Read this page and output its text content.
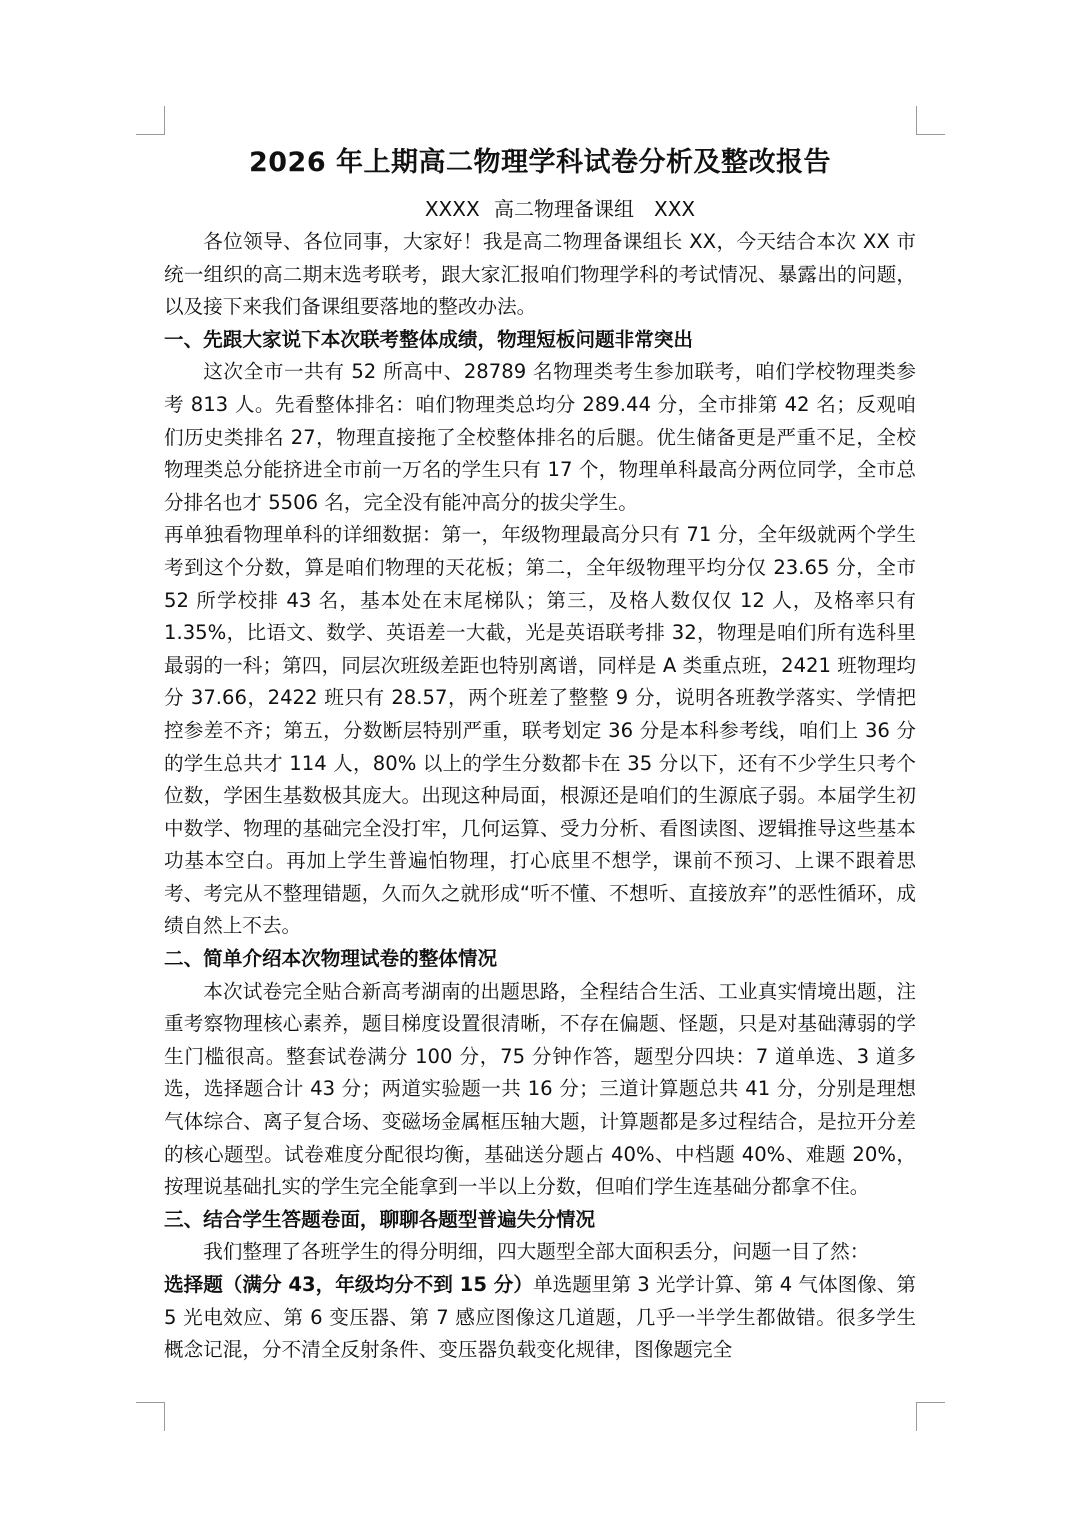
2026 年上期高二物理学科试卷分析及整改报告
XXXX 高二物理备课组　XXX

各位领导、各位同事，大家好！我是高二物理备课组长 XX，今天结合本次 XX 市统一组织的高二期末选考联考，跟大家汇报咱们物理学科的考试情况、暴露出的问题，以及接下来我们备课组要落地的整改办法。

一、先跟大家说下本次联考整体成绩，物理短板问题非常突出

这次全市一共有 52 所高中、28789 名物理类考生参加联考，咱们学校物理类参考 813 人。先看整体排名：咱们物理类总均分 289.44 分，全市排第 42 名；反观咱们历史类排名 27，物理直接拖了全校整体排名的后腿。优生储备更是严重不足，全校物理类总分能挤进全市前一万名的学生只有 17 个，物理单科最高分两位同学，全市总分排名也才 5506 名，完全没有能冲高分的拔尖学生。

再单独看物理单科的详细数据：第一，年级物理最高分只有 71 分，全年级就两个学生考到这个分数，算是咱们物理的天花板；第二，全年级物理平均分仅 23.65 分，全市 52 所学校排 43 名，基本处在末尾梯队；第三，及格人数仅仅 12 人，及格率只有 1.35%，比语文、数学、英语差一大截，光是英语联考排 32，物理是咱们所有选科里最弱的一科；第四，同层次班级差距也特别离谱，同样是 A 类重点班，2421 班物理均分 37.66，2422 班只有 28.57，两个班差了整整 9 分，说明各班教学落实、学情把控参差不齐；第五，分数断层特别严重，联考划定 36 分是本科参考线，咱们上 36 分的学生总共才 114 人，80% 以上的学生分数都卡在 35 分以下，还有不少学生只考个位数，学困生基数极其庞大。出现这种局面，根源还是咱们的生源底子弱。本届学生初中数学、物理的基础完全没打牢，几何运算、受力分析、看图读图、逻辑推导这些基本功基本空白。再加上学生普遍怕物理，打心底里不想学，课前不预习、上课不跟着思考、考完从不整理错题，久而久之就形成“听不懂、不想听、直接放弃”的恶性循环，成绩自然上不去。

二、简单介绍本次物理试卷的整体情况

本次试卷完全贴合新高考湖南的出题思路，全程结合生活、工业真实情境出题，注重考察物理核心素养，题目梯度设置很清晰，不存在偏题、怪题，只是对基础薄弱的学生门槛很高。整套试卷满分 100 分，75 分钟作答，题型分四块：7 道单选、3 道多选，选择题合计 43 分；两道实验题一共 16 分；三道计算题总共 41 分，分别是理想气体综合、离子复合场、变磁场金属框压轴大题，计算题都是多过程结合，是拉开分差的核心题型。试卷难度分配很均衡，基础送分题占 40%、中档题 40%、难题 20%，按理说基础扎实的学生完全能拿到一半以上分数，但咱们学生连基础分都拿不住。

三、结合学生答题卷面，聊聊各题型普遍失分情况

我们整理了各班学生的得分明细，四大题型全部大面积丢分，问题一目了然：

选择题（满分 43，年级均分不到 15 分）单选题里第 3 光学计算、第 4 气体图像、第 5 光电效应、第 6 变压器、第 7 感应图像这几道题，几乎一半学生都做错。很多学生概念记混，分不清全反射条件、变压器负载变化规律，图像题完全
